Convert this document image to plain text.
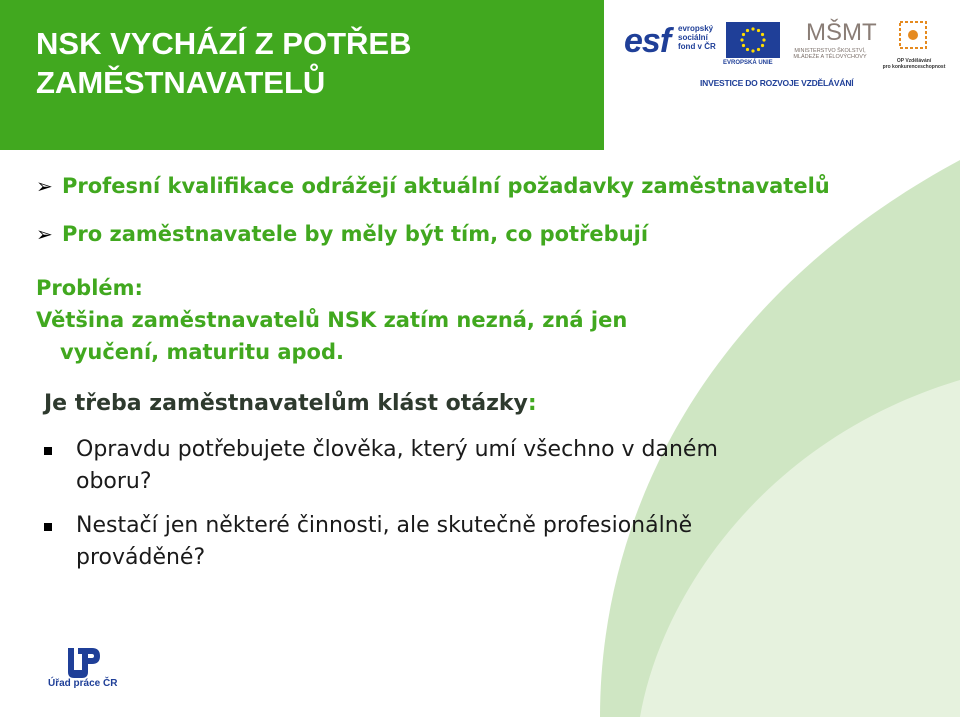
NSK VYCHÁZÍ Z POTŘEB ZAMĚSTNAVATELŮ
esf evropský
sociální
fond v ČR
EVROPSKÁ UNIE
MŠMT
MINISTERSTVO ŠKOLSTVÍ,
MLÁDEŽE A TĚLOVÝCHOVY
OP Vzdělávání
pro konkurenceschopnost
INVESTICE DO ROZVOJE VZDĚLÁVÁNÍ
➢ Profesní kvalifikace odrážejí aktuální požadavky zaměstnavatelů
➢ Pro zaměstnavatele by měly být tím, co potřebují

Problém:

Většina zaměstnavatelů NSK zatím nezná, zná jen

vyučení, maturitu apod.

Je třeba zaměstnavatelům klást otázky:

Opravdu potřebujete člověka, který umí všechno v daném
oboru?
Nestačí jen některé činnosti, ale skutečně profesionálně
prováděné?
Úřad práce ČR
